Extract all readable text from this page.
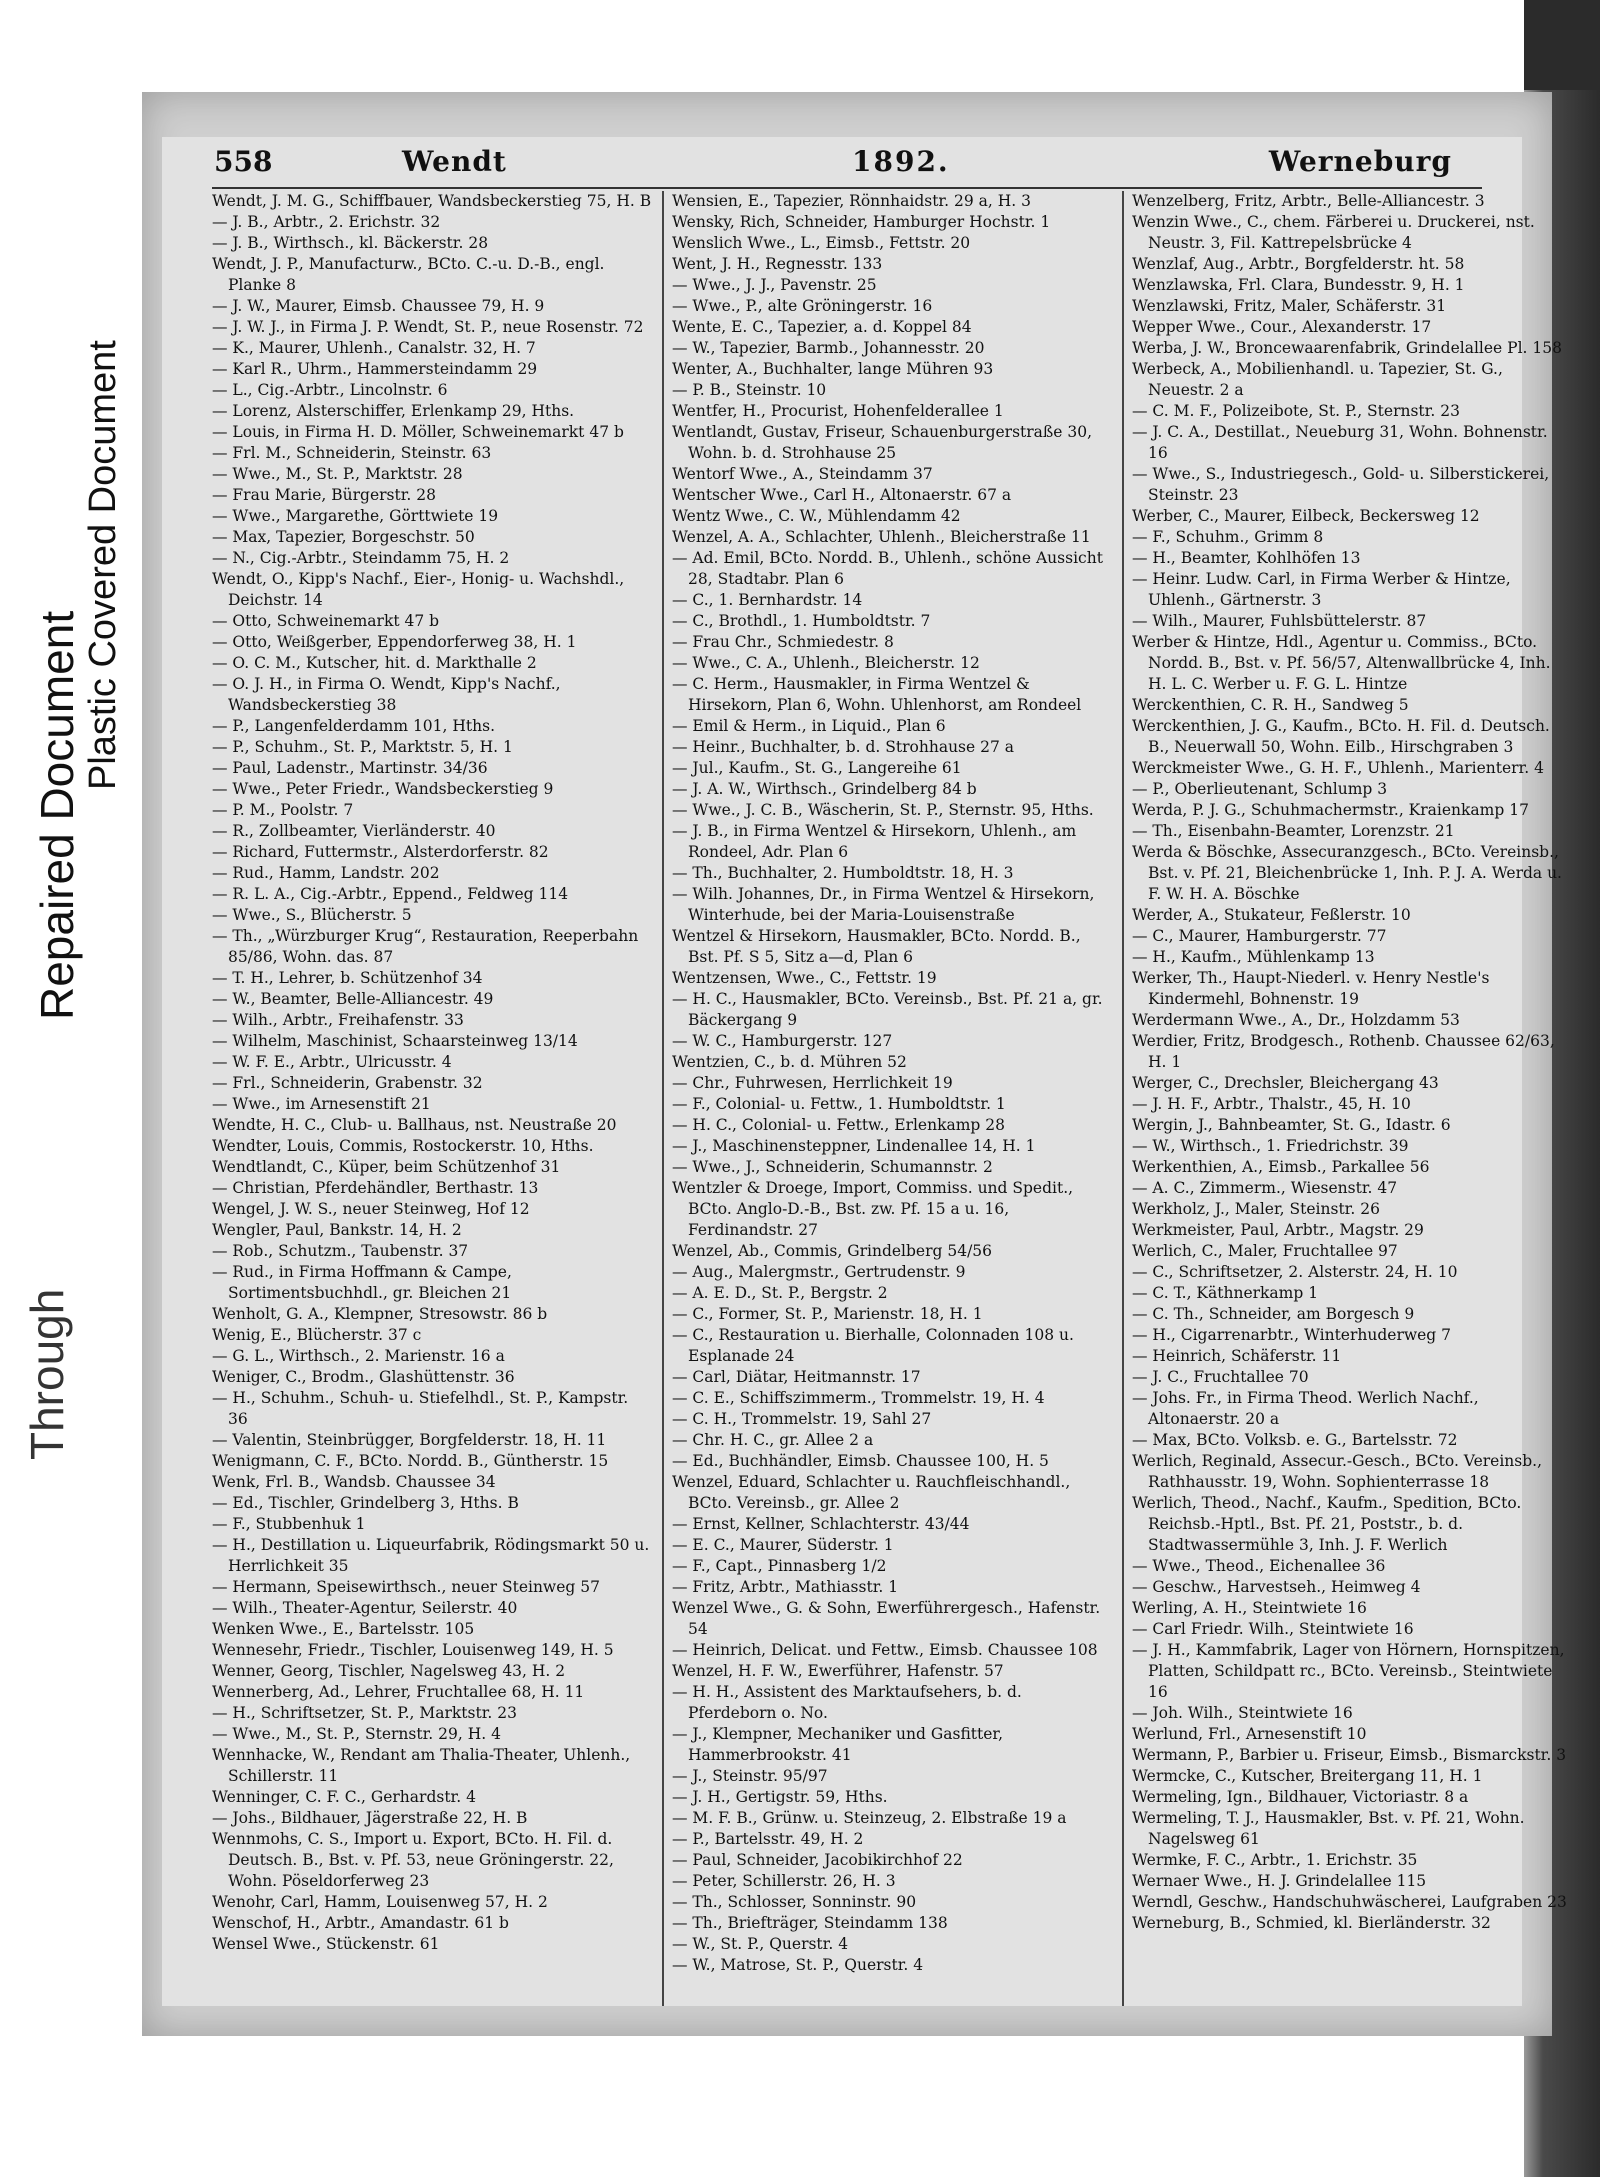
Repaired Document
Plastic Covered Document
Through
558	Wendt	1892.	Werneburg

Wendt, J. M. G., Schiffbauer, Wandsbeckerstieg 75, H. B

— J. B., Arbtr., 2. Erichstr. 32

— J. B., Wirthsch., kl. Bäckerstr. 28

Wendt, J. P., Manufacturw., BCto. C.-u. D.-B., engl. Planke 8

— J. W., Maurer, Eimsb. Chaussee 79, H. 9

— J. W. J., in Firma J. P. Wendt, St. P., neue Rosenstr. 72

— K., Maurer, Uhlenh., Canalstr. 32, H. 7

— Karl R., Uhrm., Hammersteindamm 29

— L., Cig.-Arbtr., Lincolnstr. 6

— Lorenz, Alsterschiffer, Erlenkamp 29, Hths.

— Louis, in Firma H. D. Möller, Schweinemarkt 47 b

— Frl. M., Schneiderin, Steinstr. 63

— Wwe., M., St. P., Marktstr. 28

— Frau Marie, Bürgerstr. 28

— Wwe., Margarethe, Görttwiete 19

— Max, Tapezier, Borgeschstr. 50

— N., Cig.-Arbtr., Steindamm 75, H. 2

Wendt, O., Kipp's Nachf., Eier-, Honig- u. Wachshdl., Deichstr. 14

— Otto, Schweinemarkt 47 b

— Otto, Weißgerber, Eppendorferweg 38, H. 1

— O. C. M., Kutscher, hit. d. Markthalle 2

— O. J. H., in Firma O. Wendt, Kipp's Nachf., Wandsbeckerstieg 38

— P., Langenfelderdamm 101, Hths.

— P., Schuhm., St. P., Marktstr. 5, H. 1

— Paul, Ladenstr., Martinstr. 34/36

— Wwe., Peter Friedr., Wandsbeckerstieg 9

— P. M., Poolstr. 7

— R., Zollbeamter, Vierländerstr. 40

— Richard, Futtermstr., Alsterdorferstr. 82

— Rud., Hamm, Landstr. 202

— R. L. A., Cig.-Arbtr., Eppend., Feldweg 114

— Wwe., S., Blücherstr. 5

— Th., „Würzburger Krug“, Restauration, Reeperbahn 85/86, Wohn. das. 87

— T. H., Lehrer, b. Schützenhof 34

— W., Beamter, Belle-Alliancestr. 49

— Wilh., Arbtr., Freihafenstr. 33

— Wilhelm, Maschinist, Schaarsteinweg 13/14

— W. F. E., Arbtr., Ulricusstr. 4

— Frl., Schneiderin, Grabenstr. 32

— Wwe., im Arnesenstift 21

Wendte, H. C., Club- u. Ballhaus, nst. Neustraße 20

Wendter, Louis, Commis, Rostockerstr. 10, Hths.

Wendtlandt, C., Küper, beim Schützenhof 31

— Christian, Pferdehändler, Berthastr. 13

Wengel, J. W. S., neuer Steinweg, Hof 12

Wengler, Paul, Bankstr. 14, H. 2

— Rob., Schutzm., Taubenstr. 37

— Rud., in Firma Hoffmann & Campe, Sortimentsbuchhdl., gr. Bleichen 21

Wenholt, G. A., Klempner, Stresowstr. 86 b

Wenig, E., Blücherstr. 37 c

— G. L., Wirthsch., 2. Marienstr. 16 a

Weniger, C., Brodm., Glashüttenstr. 36

— H., Schuhm., Schuh- u. Stiefelhdl., St. P., Kampstr. 36

— Valentin, Steinbrügger, Borgfelderstr. 18, H. 11

Wenigmann, C. F., BCto. Nordd. B., Güntherstr. 15

Wenk, Frl. B., Wandsb. Chaussee 34

— Ed., Tischler, Grindelberg 3, Hths. B

— F., Stubbenhuk 1

— H., Destillation u. Liqueurfabrik, Rödingsmarkt 50 u. Herrlichkeit 35

— Hermann, Speisewirthsch., neuer Steinweg 57

— Wilh., Theater-Agentur, Seilerstr. 40

Wenken Wwe., E., Bartelsstr. 105

Wennesehr, Friedr., Tischler, Louisenweg 149, H. 5

Wenner, Georg, Tischler, Nagelsweg 43, H. 2

Wennerberg, Ad., Lehrer, Fruchtallee 68, H. 11

— H., Schriftsetzer, St. P., Marktstr. 23

— Wwe., M., St. P., Sternstr. 29, H. 4

Wennhacke, W., Rendant am Thalia-Theater, Uhlenh., Schillerstr. 11

Wenninger, C. F. C., Gerhardstr. 4

— Johs., Bildhauer, Jägerstraße 22, H. B

Wennmohs, C. S., Import u. Export, BCto. H. Fil. d. Deutsch. B., Bst. v. Pf. 53, neue Gröningerstr. 22, Wohn. Pöseldorferweg 23

Wenohr, Carl, Hamm, Louisenweg 57, H. 2

Wenschof, H., Arbtr., Amandastr. 61 b

Wensel Wwe., Stückenstr. 61

Wensien, E., Tapezier, Rönnhaidstr. 29 a, H. 3

Wensky, Rich, Schneider, Hamburger Hochstr. 1

Wenslich Wwe., L., Eimsb., Fettstr. 20

Went, J. H., Regnesstr. 133

— Wwe., J. J., Pavenstr. 25

— Wwe., P., alte Gröningerstr. 16

Wente, E. C., Tapezier, a. d. Koppel 84

— W., Tapezier, Barmb., Johannesstr. 20

Wenter, A., Buchhalter, lange Mühren 93

— P. B., Steinstr. 10

Wentfer, H., Procurist, Hohenfelderallee 1

Wentlandt, Gustav, Friseur, Schauenburgerstraße 30, Wohn. b. d. Strohhause 25

Wentorf Wwe., A., Steindamm 37

Wentscher Wwe., Carl H., Altonaerstr. 67 a

Wentz Wwe., C. W., Mühlendamm 42

Wenzel, A. A., Schlachter, Uhlenh., Bleicherstraße 11

— Ad. Emil, BCto. Nordd. B., Uhlenh., schöne Aussicht 28, Stadtabr. Plan 6

— C., 1. Bernhardstr. 14

— C., Brothdl., 1. Humboldtstr. 7

— Frau Chr., Schmiedestr. 8

— Wwe., C. A., Uhlenh., Bleicherstr. 12

— C. Herm., Hausmakler, in Firma Wentzel & Hirsekorn, Plan 6, Wohn. Uhlenhorst, am Rondeel

— Emil & Herm., in Liquid., Plan 6

— Heinr., Buchhalter, b. d. Strohhause 27 a

— Jul., Kaufm., St. G., Langereihe 61

— J. A. W., Wirthsch., Grindelberg 84 b

— Wwe., J. C. B., Wäscherin, St. P., Sternstr. 95, Hths.

— J. B., in Firma Wentzel & Hirsekorn, Uhlenh., am Rondeel, Adr. Plan 6

— Th., Buchhalter, 2. Humboldtstr. 18, H. 3

— Wilh. Johannes, Dr., in Firma Wentzel & Hirsekorn, Winterhude, bei der Maria-Louisenstraße

Wentzel & Hirsekorn, Hausmakler, BCto. Nordd. B., Bst. Pf. S 5, Sitz a—d, Plan 6

Wentzensen, Wwe., C., Fettstr. 19

— H. C., Hausmakler, BCto. Vereinsb., Bst. Pf. 21 a, gr. Bäckergang 9

— W. C., Hamburgerstr. 127

Wentzien, C., b. d. Mühren 52

— Chr., Fuhrwesen, Herrlichkeit 19

— F., Colonial- u. Fettw., 1. Humboldtstr. 1

— H. C., Colonial- u. Fettw., Erlenkamp 28

— J., Maschinensteppner, Lindenallee 14, H. 1

— Wwe., J., Schneiderin, Schumannstr. 2

Wentzler & Droege, Import, Commiss. und Spedit., BCto. Anglo-D.-B., Bst. zw. Pf. 15 a u. 16, Ferdinandstr. 27

Wenzel, Ab., Commis, Grindelberg 54/56

— Aug., Malergmstr., Gertrudenstr. 9

— A. E. D., St. P., Bergstr. 2

— C., Former, St. P., Marienstr. 18, H. 1

— C., Restauration u. Bierhalle, Colonnaden 108 u. Esplanade 24

— Carl, Diätar, Heitmannstr. 17

— C. E., Schiffszimmerm., Trommelstr. 19, H. 4

— C. H., Trommelstr. 19, Sahl 27

— Chr. H. C., gr. Allee 2 a

— Ed., Buchhändler, Eimsb. Chaussee 100, H. 5

Wenzel, Eduard, Schlachter u. Rauchfleischhandl., BCto. Vereinsb., gr. Allee 2

— Ernst, Kellner, Schlachterstr. 43/44

— E. C., Maurer, Süderstr. 1

— F., Capt., Pinnasberg 1/2

— Fritz, Arbtr., Mathiasstr. 1

Wenzel Wwe., G. & Sohn, Ewerführergesch., Hafenstr. 54

— Heinrich, Delicat. und Fettw., Eimsb. Chaussee 108

Wenzel, H. F. W., Ewerführer, Hafenstr. 57

— H. H., Assistent des Marktaufsehers, b. d. Pferdeborn o. No.

— J., Klempner, Mechaniker und Gasfitter, Hammerbrookstr. 41

— J., Steinstr. 95/97

— J. H., Gertigstr. 59, Hths.

— M. F. B., Grünw. u. Steinzeug, 2. Elbstraße 19 a

— P., Bartelsstr. 49, H. 2

— Paul, Schneider, Jacobikirchhof 22

— Peter, Schillerstr. 26, H. 3

— Th., Schlosser, Sonninstr. 90

— Th., Briefträger, Steindamm 138

— W., St. P., Querstr. 4

— W., Matrose, St. P., Querstr. 4

Wenzelberg, Fritz, Arbtr., Belle-Alliancestr. 3

Wenzin Wwe., C., chem. Färberei u. Druckerei, nst. Neustr. 3, Fil. Kattrepelsbrücke 4

Wenzlaf, Aug., Arbtr., Borgfelderstr. ht. 58

Wenzlawska, Frl. Clara, Bundesstr. 9, H. 1

Wenzlawski, Fritz, Maler, Schäferstr. 31

Wepper Wwe., Cour., Alexanderstr. 17

Werba, J. W., Broncewaarenfabrik, Grindelallee Pl. 158

Werbeck, A., Mobilienhandl. u. Tapezier, St. G., Neuestr. 2 a

— C. M. F., Polizeibote, St. P., Sternstr. 23

— J. C. A., Destillat., Neueburg 31, Wohn. Bohnenstr. 16

— Wwe., S., Industriegesch., Gold- u. Silberstickerei, Steinstr. 23

Werber, C., Maurer, Eilbeck, Beckersweg 12

— F., Schuhm., Grimm 8

— H., Beamter, Kohlhöfen 13

— Heinr. Ludw. Carl, in Firma Werber & Hintze, Uhlenh., Gärtnerstr. 3

— Wilh., Maurer, Fuhlsbüttelerstr. 87

Werber & Hintze, Hdl., Agentur u. Commiss., BCto. Nordd. B., Bst. v. Pf. 56/57, Altenwallbrücke 4, Inh. H. L. C. Werber u. F. G. L. Hintze

Werckenthien, C. R. H., Sandweg 5

Werckenthien, J. G., Kaufm., BCto. H. Fil. d. Deutsch. B., Neuerwall 50, Wohn. Eilb., Hirschgraben 3

Werckmeister Wwe., G. H. F., Uhlenh., Marienterr. 4

— P., Oberlieutenant, Schlump 3

Werda, P. J. G., Schuhmachermstr., Kraienkamp 17

— Th., Eisenbahn-Beamter, Lorenzstr. 21

Werda & Böschke, Assecuranzgesch., BCto. Vereinsb., Bst. v. Pf. 21, Bleichenbrücke 1, Inh. P. J. A. Werda u. F. W. H. A. Böschke

Werder, A., Stukateur, Feßlerstr. 10

— C., Maurer, Hamburgerstr. 77

— H., Kaufm., Mühlenkamp 13

Werker, Th., Haupt-Niederl. v. Henry Nestle's Kindermehl, Bohnenstr. 19

Werdermann Wwe., A., Dr., Holzdamm 53

Werdier, Fritz, Brodgesch., Rothenb. Chaussee 62/63, H. 1

Werger, C., Drechsler, Bleichergang 43

— J. H. F., Arbtr., Thalstr., 45, H. 10

Wergin, J., Bahnbeamter, St. G., Idastr. 6

— W., Wirthsch., 1. Friedrichstr. 39

Werkenthien, A., Eimsb., Parkallee 56

— A. C., Zimmerm., Wiesenstr. 47

Werkholz, J., Maler, Steinstr. 26

Werkmeister, Paul, Arbtr., Magstr. 29

Werlich, C., Maler, Fruchtallee 97

— C., Schriftsetzer, 2. Alsterstr. 24, H. 10

— C. T., Käthnerkamp 1

— C. Th., Schneider, am Borgesch 9

— H., Cigarrenarbtr., Winterhuderweg 7

— Heinrich, Schäferstr. 11

— J. C., Fruchtallee 70

— Johs. Fr., in Firma Theod. Werlich Nachf., Altonaerstr. 20 a

— Max, BCto. Volksb. e. G., Bartelsstr. 72

Werlich, Reginald, Assecur.-Gesch., BCto. Vereinsb., Rathhausstr. 19, Wohn. Sophienterrasse 18

Werlich, Theod., Nachf., Kaufm., Spedition, BCto. Reichsb.-Hptl., Bst. Pf. 21, Poststr., b. d. Stadtwassermühle 3, Inh. J. F. Werlich

— Wwe., Theod., Eichenallee 36

— Geschw., Harvestseh., Heimweg 4

Werling, A. H., Steintwiete 16

— Carl Friedr. Wilh., Steintwiete 16

— J. H., Kammfabrik, Lager von Hörnern, Hornspitzen, Platten, Schildpatt rc., BCto. Vereinsb., Steintwiete 16

— Joh. Wilh., Steintwiete 16

Werlund, Frl., Arnesenstift 10

Wermann, P., Barbier u. Friseur, Eimsb., Bismarckstr. 3

Wermcke, C., Kutscher, Breitergang 11, H. 1

Wermeling, Ign., Bildhauer, Victoriastr. 8 a

Wermeling, T. J., Hausmakler, Bst. v. Pf. 21, Wohn. Nagelsweg 61

Wermke, F. C., Arbtr., 1. Erichstr. 35

Wernaer Wwe., H. J. Grindelallee 115

Werndl, Geschw., Handschuhwäscherei, Laufgraben 23

Werneburg, B., Schmied, kl. Bierländerstr. 32
